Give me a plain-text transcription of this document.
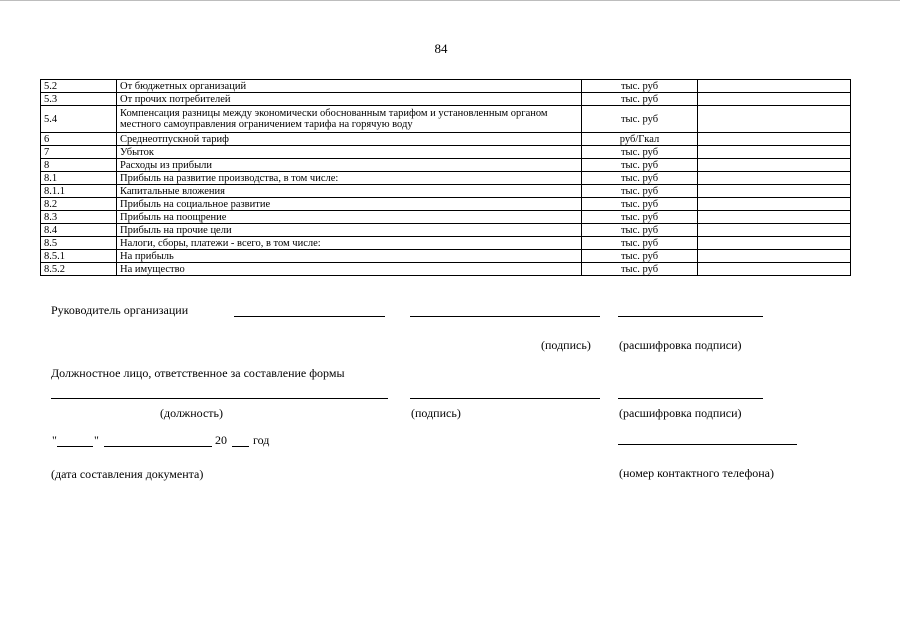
84
5.2	От бюджетных организаций	тыс. руб	
5.3	От прочих потребителей	тыс. руб	
5.4	Компенсация разницы между экономически обоснованным тарифом и установленным органом местного самоуправления ограничением тарифа на горячую воду	тыс. руб	
6	Среднеотпускной тариф	руб/Гкал	
7	Убыток	тыс. руб	
8	Расходы из прибыли	тыс. руб	
8.1	Прибыль на развитие производства, в том числе:	тыс. руб	
8.1.1	Капитальные вложения	тыс. руб	
8.2	Прибыль на социальное развитие	тыс. руб	
8.3	Прибыль на поощрение	тыс. руб	
8.4	Прибыль на прочие цели	тыс. руб	
8.5	Налоги, сборы, платежи - всего, в том числе:	тыс. руб	
8.5.1	На прибыль	тыс. руб	
8.5.2	На имущество	тыс. руб	
Руководитель организации
(подпись) (расшифровка подписи)
Должностное лицо, ответственное за составление формы
(должность)	(подпись)	(расшифровка подписи)
"	"	20 год
(дата составления документа)	(номер контактного телефона)
